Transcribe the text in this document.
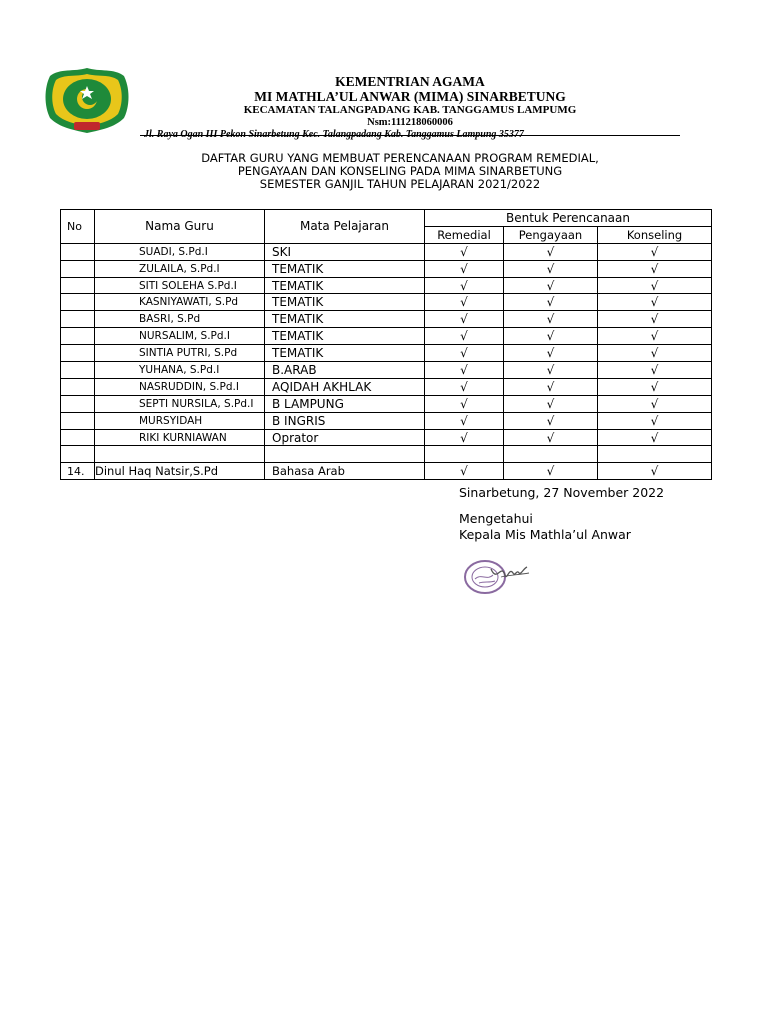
KEMENTRIAN AGAMA
MI MATHLA’UL ANWAR (MIMA) SINARBETUNG
KECAMATAN TALANGPADANG KAB. TANGGAMUS LAMPUMG
Nsm:111218060006
Jl. Raya Ogan III Pekon Sinarbetung Kec. Talangpadang Kab. Tanggamus Lampung 35377
DAFTAR GURU YANG MEMBUAT PERENCANAAN PROGRAM REMEDIAL,
PENGAYAAN DAN KONSELING PADA MIMA SINARBETUNG
SEMESTER GANJIL TAHUN PELAJARAN 2021/2022
No	Nama Guru	Mata Pelajaran	Bentuk Perencanaan		
			Remedial	Pengayaan	Konseling
	SUADI, S.Pd.I	SKI	√	√	√
	ZULAILA, S.Pd.I	TEMATIK	√	√	√
	SITI SOLEHA S.Pd.I	TEMATIK	√	√	√
	KASNIYAWATI, S.Pd	TEMATIK	√	√	√
	BASRI, S.Pd	TEMATIK	√	√	√
	NURSALIM, S.Pd.I	TEMATIK	√	√	√
	SINTIA PUTRI, S.Pd	TEMATIK	√	√	√
	YUHANA, S.Pd.I	B.ARAB	√	√	√
	NASRUDDIN, S.Pd.I	AQIDAH AKHLAK	√	√	√
	SEPTI NURSILA, S.Pd.I	B LAMPUNG	√	√	√
	MURSYIDAH	B INGRIS	√	√	√
	RIKI KURNIAWAN	Oprator	√	√	√

14.	Dinul Haq Natsir,S.Pd	Bahasa Arab	√	√	√
Sinarbetung, 27 November 2022
Mengetahui
Kepala Mis Mathla’ul Anwar
